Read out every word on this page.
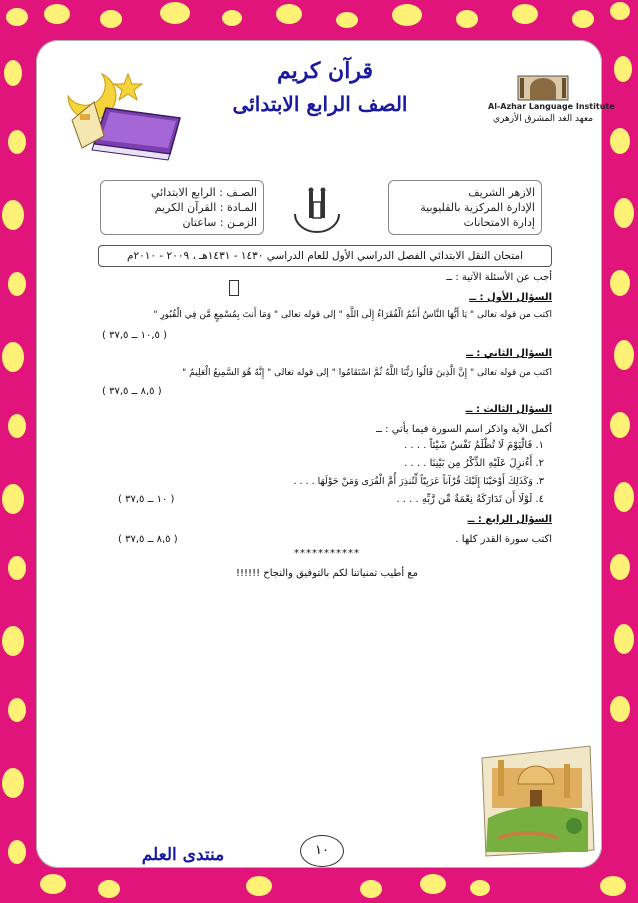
قرآن كريم
الصف الرابع الابتدائى	Al-Azhar Language Institute
معهد الغد المشرق الأزهري
الازهر الشريف
الإدارة المركزية بالقليوبية
إدارة الامتحانات
الصـف : الرابع الابتدائي
المـادة : القرآن الكريم
الزمـن : ساعتان
امتحان النقل الابتدائي الفصل الدراسي الأول للعام الدراسي ١٤٣٠ - ١٤٣١هـ ، ٢٠٠٩ - ٢٠١٠م
أجب عن الأسئلة الآتية : ــ
السؤال الأول : ــ
اكتب من قوله تعالى " يَا أَيُّهَا النَّاسُ أَنتُمُ الْفُقَرَاءُ إِلَى اللَّهِ " إلى قوله تعالى " وَمَا أَنتَ بِمُسْمِعٍ مَّن فِي الْقُبُورِ "
( ١٠,٥ ــ ٣٧,٥ )
السؤال الثاني : ــ
اكتب من قوله تعالى " إِنَّ الَّذِينَ قَالُوا رَبُّنَا اللَّهُ ثُمَّ اسْتَقَامُوا " إلى قوله تعالى " إِنَّهُ هُوَ السَّمِيعُ الْعَلِيمُ "
( ٨,٥ ــ ٣٧,٥ )
السؤال الثالث : ــ
أكمل الآية واذكر اسم السورة فيما يأتي : ــ
١. فَالْيَوْمَ لَا تُظْلَمُ نَفْسٌ شَيْئاً . . . .
٢. أَءُنزِلَ عَلَيْهِ الذِّكْرُ مِن بَيْنِنَا . . . .
٣. وَكَذَلِكَ أَوْحَيْنَا إِلَيْكَ قُرْآناً عَرَبِيّاً لِّتُنذِرَ أُمَّ الْقُرَى وَمَنْ حَوْلَهَا . . . .
٤. لَوْلَا أَن تَدَارَكَهُ نِعْمَةٌ مِّن رَّبِّهِ . . . .
( ١٠ ــ ٣٧,٥ )
السؤال الرابع : ــ
اكتب سورة القدر كلها .
( ٨,٥ ــ ٣٧,٥ )
***********
مع أطيب تمنياتنا لكم بالتوفيق والنجاح !!!!!!
١٠
منتدى العلم
